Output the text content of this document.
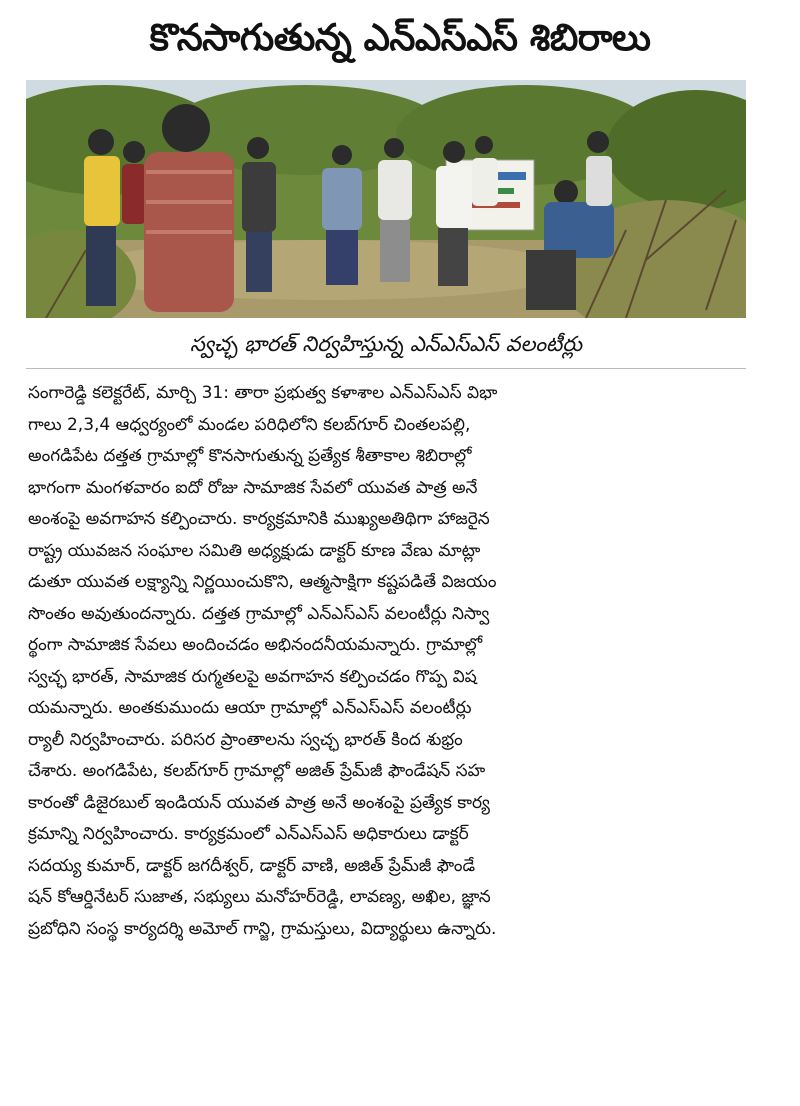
కొనసాగుతున్న ఎన్ఎస్ఎస్ శిబిరాలు
స్వచ్ఛ భారత్ నిర్వహిస్తున్న ఎన్ఎస్ఎస్ వలంటీర్లు
సంగారెడ్డి కలెక్టరేట్, మార్చి 31: తారా ప్రభుత్వ కళాశాల ఎన్ఎస్ఎస్ విభా
గాలు 2,3,4 ఆధ్వర్యంలో మండల పరిధిలోని కలబ్‌గూర్ చింతలపల్లి,
అంగడిపేట దత్తత గ్రామాల్లో కొనసాగుతున్న ప్రత్యేక శీతాకాల శిబిరాల్లో
భాగంగా మంగళవారం ఐదో రోజు సామాజిక సేవలో యువత పాత్ర అనే
అంశంపై అవగాహన కల్పించారు. కార్యక్రమానికి ముఖ్యఅతిథిగా హాజరైన
రాష్ట్ర యువజన సంఘాల సమితి అధ్యక్షుడు డాక్టర్ కూణ వేణు మాట్లా
డుతూ యువత లక్ష్యాన్ని నిర్ణయించుకొని, ఆత్మసాక్షిగా కష్టపడితే విజయం
సొంతం అవుతుందన్నారు. దత్తత గ్రామాల్లో ఎన్ఎస్ఎస్ వలంటీర్లు నిస్వా
ర్థంగా సామాజిక సేవలు అందించడం అభినందనీయమన్నారు. గ్రామాల్లో
స్వచ్ఛ భారత్, సామాజిక రుగ్మతలపై అవగాహన కల్పించడం గొప్ప విష
యమన్నారు. అంతకుముందు ఆయా గ్రామాల్లో ఎన్ఎస్ఎస్ వలంటీర్లు
ర్యాలీ నిర్వహించారు. పరిసర ప్రాంతాలను స్వచ్ఛ భారత్ కింద శుభ్రం
చేశారు. అంగడిపేట, కలబ్‌గూర్ గ్రామాల్లో అజిత్ ప్రేమ్‌జీ ఫౌండేషన్ సహ
కారంతో డిజైరబుల్ ఇండియన్ యువత పాత్ర అనే అంశంపై ప్రత్యేక కార్య
క్రమాన్ని నిర్వహించారు. కార్యక్రమంలో ఎన్ఎస్ఎస్ అధికారులు డాక్టర్
సదయ్య కుమార్, డాక్టర్ జగదీశ్వర్, డాక్టర్ వాణి, అజిత్ ప్రేమ్‌జీ ఫౌండే
షన్ కోఆర్డినేటర్ సుజాత, సభ్యులు మనోహర్‌రెడ్డి, లావణ్య, అఖిల, జ్ఞాన
ప్రబోధిని సంస్థ కార్యదర్శి అమోల్ గాన్జి, గ్రామస్తులు, విద్యార్థులు ఉన్నారు.
